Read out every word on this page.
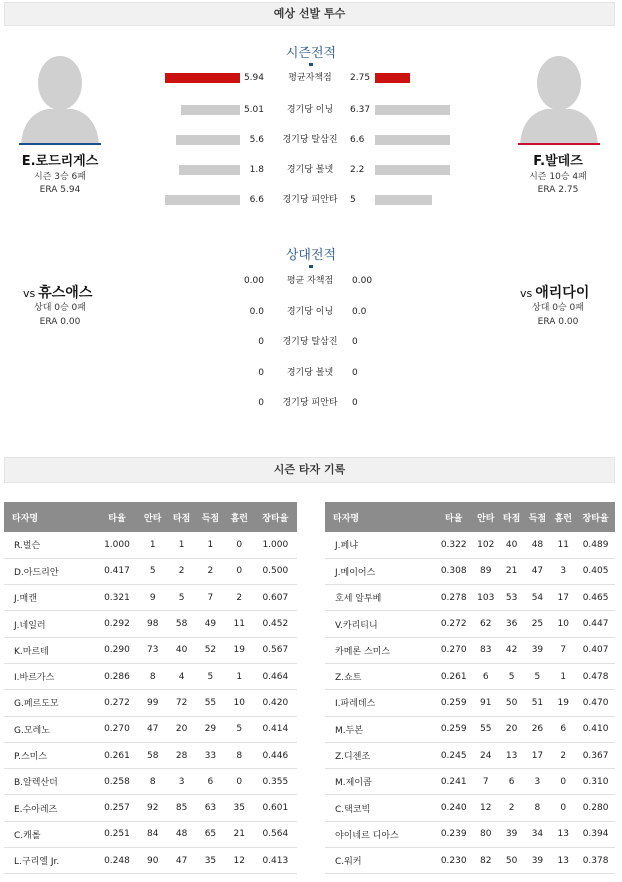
예상 선발 투수
시즌전적
E.로드리게스
시즌 3승 6패
ERA 5.94
F.발데즈
시즌 10승 4패
ERA 2.75
5.94	평균자책점	2.75
5.01	경기당 이닝	6.37
5.6	경기당 탈삼진	6.6
1.8	경기당 볼넷	2.2
6.6	경기당 피안타	5
상대전적
vs 휴스애스
상대 0승 0패
ERA 0.00
vs 애리다이
상대 0승 0패
ERA 0.00
0.00	평균 자책점	0.00
0.0	경기당 이닝	0.0
0	경기당 탈삼진	0
0	경기당 볼넷	0
0	경기당 피안타	0
시즌 타자 기록
타자명	타율	안타	타점	득점	홈런	장타율
R.벌슨	1.000	1	1	1	0	1.000
D.아드리안	0.417	5	2	2	0	0.500
J.매캔	0.321	9	5	7	2	0.607
J.네일러	0.292	98	58	49	11	0.452
K.마르테	0.290	73	40	52	19	0.567
I.바르가스	0.286	8	4	5	1	0.464
G.페르도모	0.272	99	72	55	10	0.420
G.모레노	0.270	47	20	29	5	0.414
P.스미스	0.261	58	28	33	8	0.446
B.알렉산더	0.258	8	3	6	0	0.355
E.수아레즈	0.257	92	85	63	35	0.601
C.캐롤	0.251	84	48	65	21	0.564
L.구리엘 Jr.	0.248	90	47	35	12	0.413
타자명	타율	안타	타점	득점	홈런	장타율
J.페냐	0.322	102	40	48	11	0.489
J.메이어스	0.308	89	21	47	3	0.405
호세 알투베	0.278	103	53	54	17	0.465
V.카리티니	0.272	62	36	25	10	0.447
카메론 스미스	0.270	83	42	39	7	0.407
Z.쇼트	0.261	6	5	5	1	0.478
I.파레데스	0.259	91	50	51	19	0.470
M.두본	0.259	55	20	26	6	0.410
Z.디젠조	0.245	24	13	17	2	0.367
M.제이콥	0.241	7	6	3	0	0.310
C.택코빅	0.240	12	2	8	0	0.280
야이네르 디아스	0.239	80	39	34	13	0.394
C.워커	0.230	82	50	39	13	0.378
